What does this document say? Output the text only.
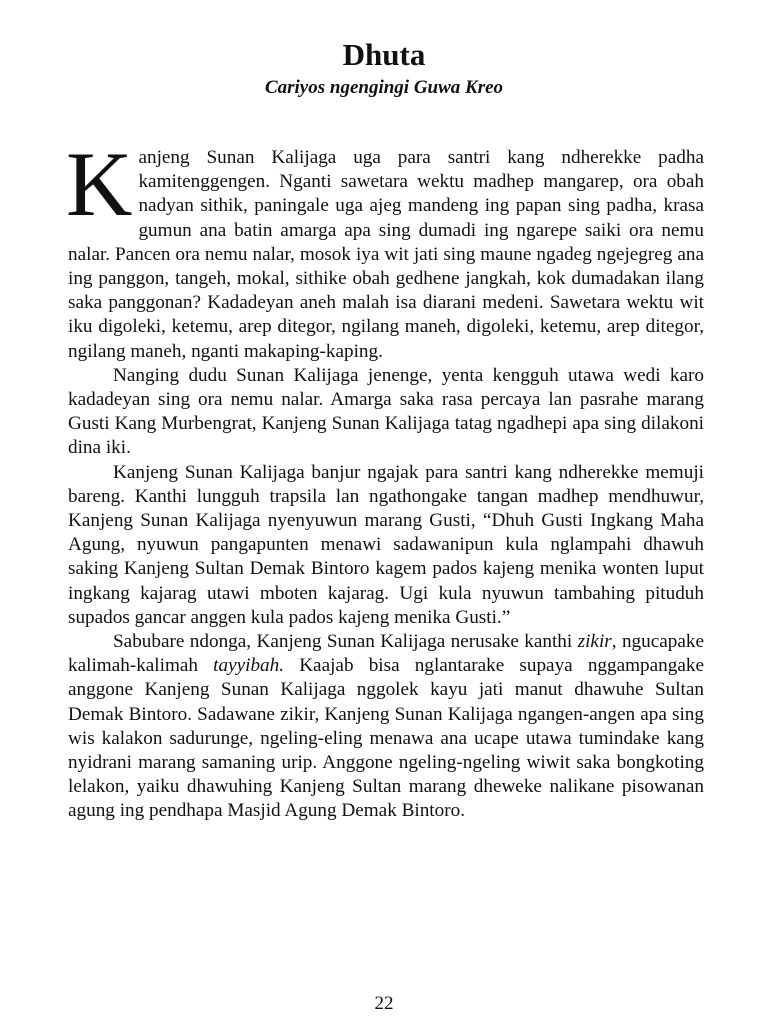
Dhuta
Cariyos ngengingi Guwa Kreo

Kanjeng Sunan Kalijaga uga para santri kang ndherekke padha kamitenggengen. Nganti sawetara wektu madhep mangarep, ora obah nadyan sithik, paningale uga ajeg mandeng ing papan sing padha, krasa gumun ana batin amarga apa sing dumadi ing ngarepe saiki ora nemu nalar. Pancen ora nemu nalar, mosok iya wit jati sing maune ngadeg ngejegreg ana ing panggon, tangeh, mokal, sithike obah gedhene jangkah, kok dumadakan ilang saka panggonan? Kadadeyan aneh malah isa diarani medeni. Sawetara wektu wit iku digoleki, ketemu, arep ditegor, ngilang maneh, digoleki, ketemu, arep ditegor, ngilang maneh, nganti makaping-kaping.

Nanging dudu Sunan Kalijaga jenenge, yenta kengguh utawa wedi karo kadadeyan sing ora nemu nalar. Amarga saka rasa percaya lan pasrahe marang Gusti Kang Murbengrat, Kanjeng Sunan Kalijaga tatag ngadhepi apa sing dilakoni dina iki.

Kanjeng Sunan Kalijaga banjur ngajak para santri kang ndherekke memuji bareng. Kanthi lungguh trapsila lan ngathongake tangan madhep mendhuwur, Kanjeng Sunan Kalijaga nyenyuwun marang Gusti, “Dhuh Gusti Ingkang Maha Agung, nyuwun pangapunten menawi sadawanipun kula nglampahi dhawuh saking Kanjeng Sultan Demak Bintoro kagem pados kajeng menika wonten luput ingkang kajarag utawi mboten kajarag. Ugi kula nyuwun tambahing pituduh supados gancar anggen kula pados kajeng menika Gusti.”

Sabubare ndonga, Kanjeng Sunan Kalijaga nerusake kanthi zikir, ngucapake kalimah-kalimah tayyibah. Kaajab bisa nglantarake supaya nggampangake anggone Kanjeng Sunan Kalijaga nggolek kayu jati manut dhawuhe Sultan Demak Bintoro. Sadawane zikir, Kanjeng Sunan Kalijaga ngangen-angen apa sing wis kalakon sadurunge, ngeling-eling menawa ana ucape utawa tumindake kang nyidrani marang samaning urip. Anggone ngeling-ngeling wiwit saka bongkoting lelakon, yaiku dhawuhing Kanjeng Sultan marang dheweke nalikane pisowanan agung ing pendhapa Masjid Agung Demak Bintoro.

22
